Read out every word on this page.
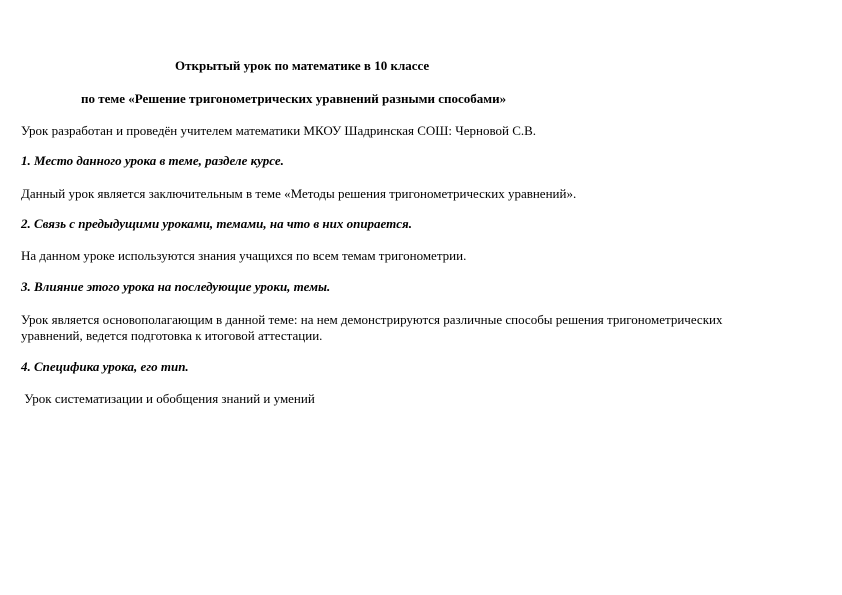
Открытый урок по математике в 10 классе
по теме «Решение тригонометрических уравнений разными способами»
Урок разработан и проведён учителем математики МКОУ Шадринская СОШ: Черновой С.В.
1. Место данного урока в теме, разделе курсе.
Данный урок является заключительным в теме «Методы решения тригонометрических уравнений».
2. Связь с предыдущими уроками, темами, на что в них опирается.
На данном уроке используются знания учащихся по всем темам тригонометрии.
3. Влияние этого урока на последующие уроки, темы.
Урок является основополагающим в данной теме: на нем демонстрируются различные способы решения тригонометрических
уравнений, ведется подготовка к итоговой аттестации.
4. Специфика урока, его тип.
Урок систематизации и обобщения знаний и умений
